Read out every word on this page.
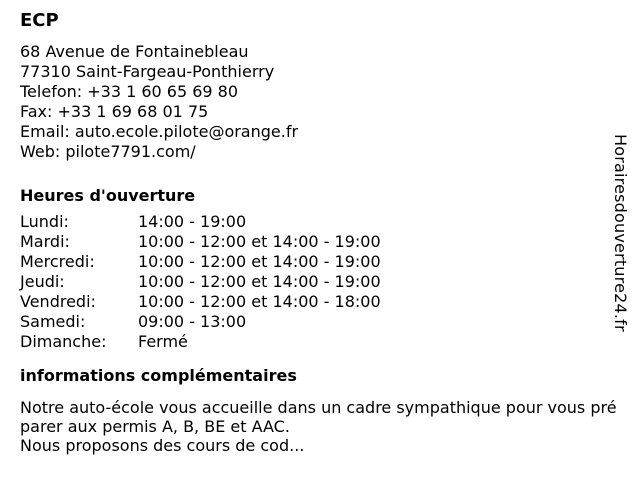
ECP
68 Avenue de Fontainebleau
77310 Saint-Fargeau-Ponthierry
Telefon: +33 1 60 65 69 80
Fax: +33 1 69 68 01 75
Email: auto.ecole.pilote@orange.fr
Web: pilote7791.com/
Heures d'ouverture
Lundi:	14:00 - 19:00
Mardi:	10:00 - 12:00 et 14:00 - 19:00
Mercredi:	10:00 - 12:00 et 14:00 - 19:00
Jeudi:	10:00 - 12:00 et 14:00 - 19:00
Vendredi:	10:00 - 12:00 et 14:00 - 18:00
Samedi:	09:00 - 13:00
Dimanche:	Fermé
informations complémentaires
Notre auto-école vous accueille dans un cadre sympathique pour vous préparer aux permis A, B, BE et AAC.
Nous proposons des cours de cod...
Horairesdouverture24.fr
